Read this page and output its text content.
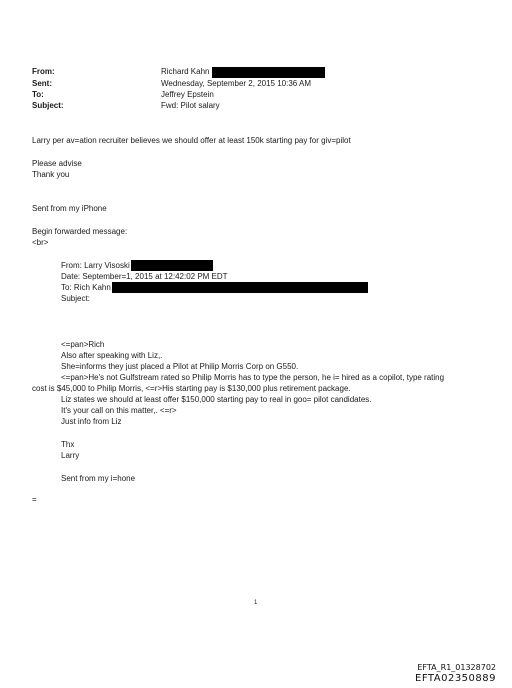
From:	Richard Kahn
Sent:	Wednesday, September 2, 2015 10:36 AM
To:	Jeffrey Epstein
Subject:	Fwd: Pilot salary
Larry per av=ation recruiter believes we should offer at least 150k starting pay for giv=pilot
Please advise
Thank you
Sent from my iPhone
Begin forwarded message:
<br>
From: Larry Visoski
Date: September=1, 2015 at 12:42:02 PM EDT
To: Rich Kahn
Subject:
<=pan>Rich
Also after speaking with Liz,.
She=informs they just placed a Pilot at Philip Morris Corp on G550.
<=pan>He's not Gulfstream rated so Philip Morris has to type the person, he i= hired as a copilot, type rating
cost is $45,000 to Philip Morris, <=r>His starting pay is $130,000 plus retirement package.
Liz states we should at least offer $150,000 starting pay to real in goo= pilot candidates.
It's your call on this matter,. <=r>
Just info from Liz
Thx
Larry
Sent from my i=hone
=
1
EFTA_R1_01328702
EFTA02350889
